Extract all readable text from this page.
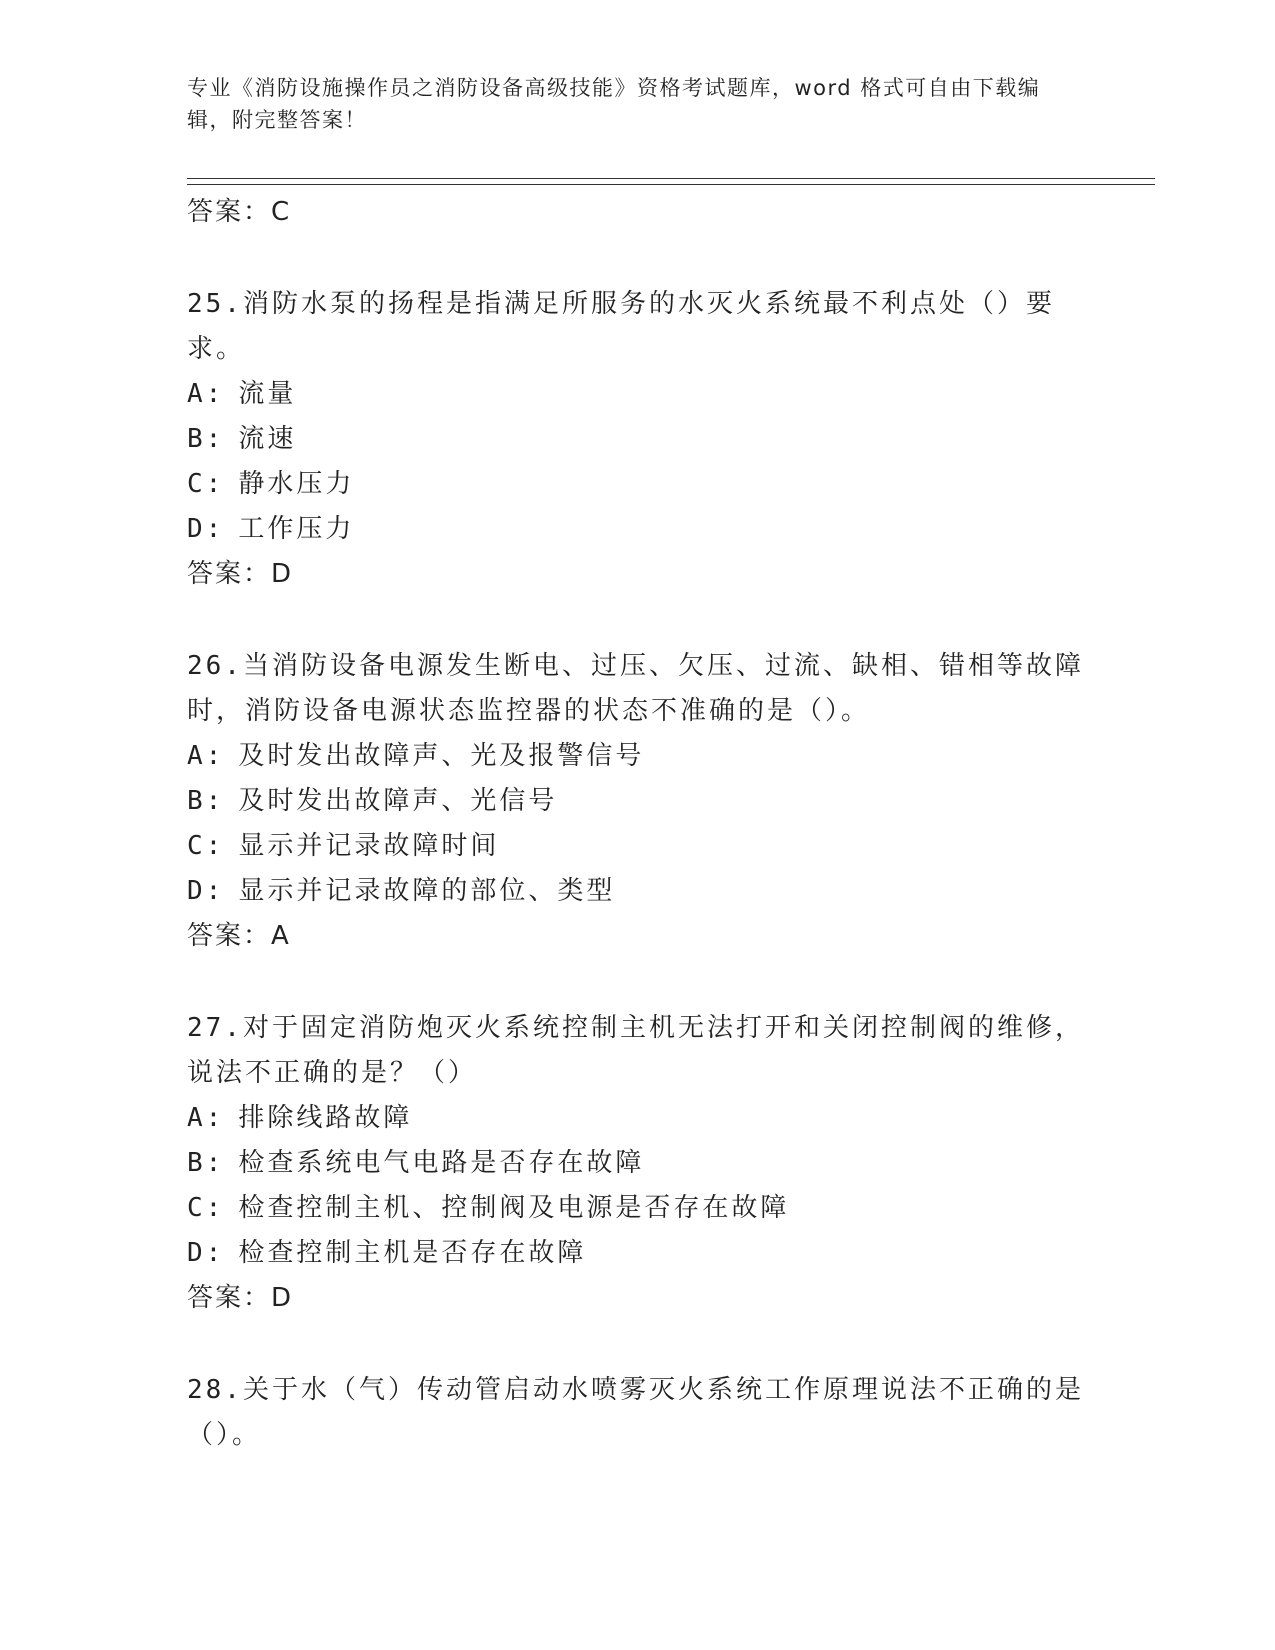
专业《消防设施操作员之消防设备高级技能》资格考试题库，word 格式可自由下载编辑，附完整答案！
答案：C
25.消防水泵的扬程是指满足所服务的水灭火系统最不利点处（）要求。
A: 流量
B: 流速
C: 静水压力
D: 工作压力
答案：D
26.当消防设备电源发生断电、过压、欠压、过流、缺相、错相等故障时，消防设备电源状态监控器的状态不准确的是（）。
A: 及时发出故障声、光及报警信号
B: 及时发出故障声、光信号
C: 显示并记录故障时间
D: 显示并记录故障的部位、类型
答案：A
27.对于固定消防炮灭火系统控制主机无法打开和关闭控制阀的维修，说法不正确的是？（）
A: 排除线路故障
B: 检查系统电气电路是否存在故障
C: 检查控制主机、控制阀及电源是否存在故障
D: 检查控制主机是否存在故障
答案：D
28.关于水（气）传动管启动水喷雾灭火系统工作原理说法不正确的是（）。
